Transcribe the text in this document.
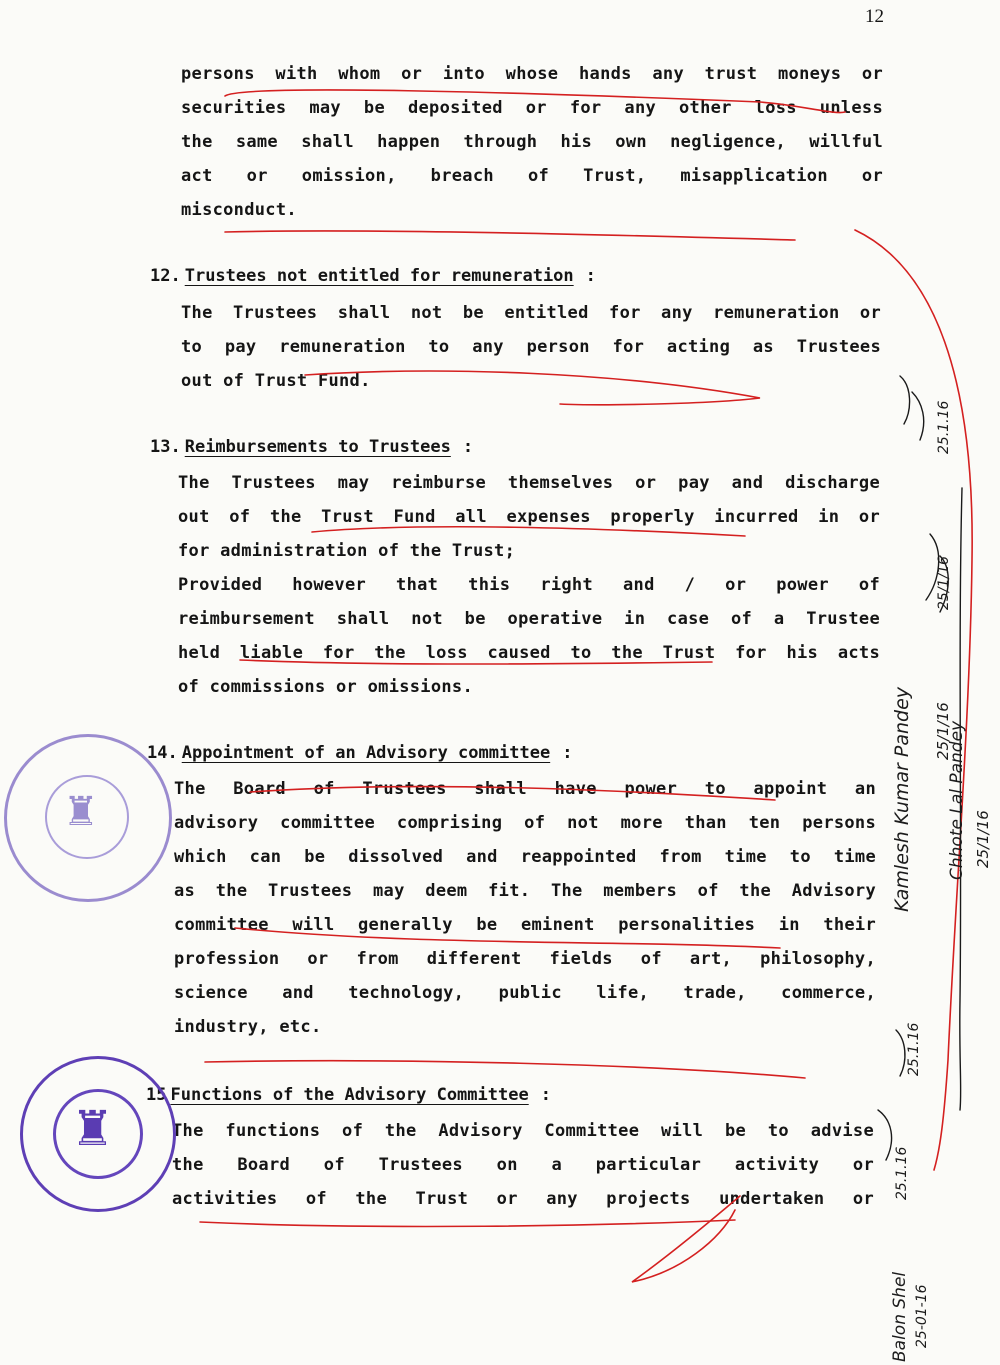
12
persons with whom or into whose hands any trust moneys or
securities may be deposited or for any other loss unless
the same shall happen through his own negligence, willful
act or omission, breach of Trust, misapplication or
misconduct.
12. Trustees not entitled for remuneration :
The Trustees shall not be entitled for any remuneration or
to pay remuneration to any person for acting as Trustees
out of Trust Fund.
13. Reimbursements to Trustees :
The Trustees may reimburse themselves or pay and discharge
out of the Trust Fund all expenses properly incurred in or
for administration of the Trust;
Provided however that this right and / or power of
reimbursement shall not be operative in case of a Trustee
held liable for the loss caused to the Trust for his acts
of commissions or omissions.
14. Appointment of an Advisory committee :
The Board of Trustees shall have power to appoint an
advisory committee comprising of not more than ten persons
which can be dissolved and reappointed from time to time
as the Trustees may deem fit. The members of the Advisory
committee will generally be eminent personalities in their
profession or from different fields of art, philosophy,
science and technology, public life, trade, commerce,
industry, etc.
15 Functions of the Advisory Committee :
The functions of the Advisory Committee will be to advise
the Board of Trustees on a particular activity or
activities of the Trust or any projects undertaken or
♜
♜
Kamlesh Kumar Pandey 25/1/16
Chhote Lal Pandey 25/1/16
Balon Shel 25-01-16
25.1.16
25/1/16
25.1.16
25.1.16
